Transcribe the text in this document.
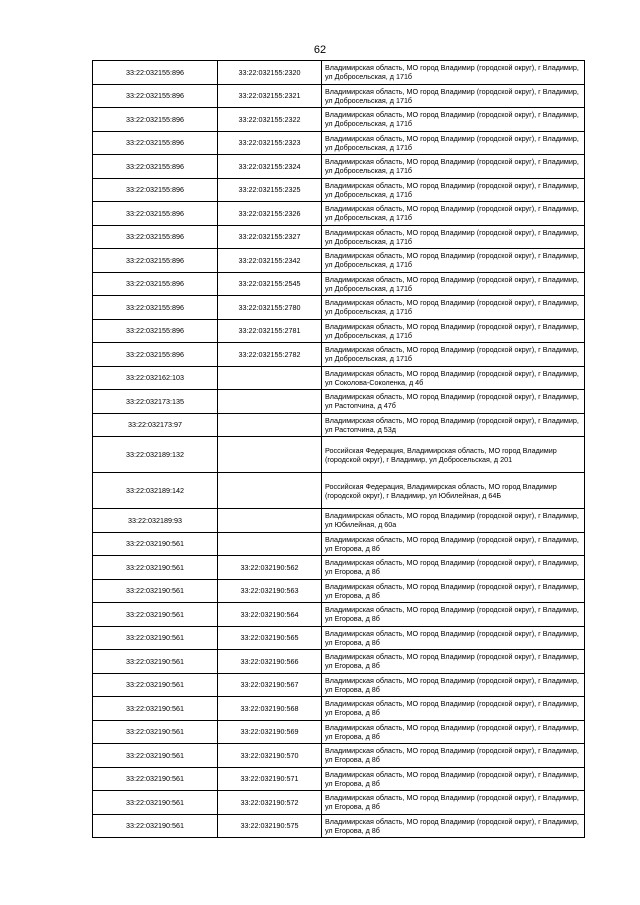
62
33:22:032155:896	33:22:032155:2320	Владимирская область, МО город Владимир (городской округ), г Владимир, ул Добросельская, д 171б
33:22:032155:896	33:22:032155:2321	Владимирская область, МО город Владимир (городской округ), г Владимир, ул Добросельская, д 171б
33:22:032155:896	33:22:032155:2322	Владимирская область, МО город Владимир (городской округ), г Владимир, ул Добросельская, д 171б
33:22:032155:896	33:22:032155:2323	Владимирская область, МО город Владимир (городской округ), г Владимир, ул Добросельская, д 171б
33:22:032155:896	33:22:032155:2324	Владимирская область, МО город Владимир (городской округ), г Владимир, ул Добросельская, д 171б
33:22:032155:896	33:22:032155:2325	Владимирская область, МО город Владимир (городской округ), г Владимир, ул Добросельская, д 171б
33:22:032155:896	33:22:032155:2326	Владимирская область, МО город Владимир (городской округ), г Владимир, ул Добросельская, д 171б
33:22:032155:896	33:22:032155:2327	Владимирская область, МО город Владимир (городской округ), г Владимир, ул Добросельская, д 171б
33:22:032155:896	33:22:032155:2342	Владимирская область, МО город Владимир (городской округ), г Владимир, ул Добросельская, д 171б
33:22:032155:896	33:22:032155:2545	Владимирская область, МО город Владимир (городской округ), г Владимир, ул Добросельская, д 171б
33:22:032155:896	33:22:032155:2780	Владимирская область, МО город Владимир (городской округ), г Владимир, ул Добросельская, д 171б
33:22:032155:896	33:22:032155:2781	Владимирская область, МО город Владимир (городской округ), г Владимир, ул Добросельская, д 171б
33:22:032155:896	33:22:032155:2782	Владимирская область, МО город Владимир (городской округ), г Владимир, ул Добросельская, д 171б
33:22:032162:103		Владимирская область, МО город Владимир (городской округ), г Владимир, ул Соколова-Соколенка, д 4б
33:22:032173:135		Владимирская область, МО город Владимир (городской округ), г Владимир, ул Растопчина, д 47б
33:22:032173:97		Владимирская область, МО город Владимир (городской округ), г Владимир, ул Растопчина, д 53д
33:22:032189:132		Российская Федерация, Владимирская область, МО город Владимир (городской округ), г Владимир, ул Добросельская, д 201
33:22:032189:142		Российская Федерация, Владимирская область, МО город Владимир (городской округ), г Владимир, ул Юбилейная, д 64Б
33:22:032189:93		Владимирская область, МО город Владимир (городской округ), г Владимир, ул Юбилейная, д 60а
33:22:032190:561		Владимирская область, МО город Владимир (городской округ), г Владимир, ул Егорова, д 8б
33:22:032190:561	33:22:032190:562	Владимирская область, МО город Владимир (городской округ), г Владимир, ул Егорова, д 8б
33:22:032190:561	33:22:032190:563	Владимирская область, МО город Владимир (городской округ), г Владимир, ул Егорова, д 8б
33:22:032190:561	33:22:032190:564	Владимирская область, МО город Владимир (городской округ), г Владимир, ул Егорова, д 8б
33:22:032190:561	33:22:032190:565	Владимирская область, МО город Владимир (городской округ), г Владимир, ул Егорова, д 8б
33:22:032190:561	33:22:032190:566	Владимирская область, МО город Владимир (городской округ), г Владимир, ул Егорова, д 8б
33:22:032190:561	33:22:032190:567	Владимирская область, МО город Владимир (городской округ), г Владимир, ул Егорова, д 8б
33:22:032190:561	33:22:032190:568	Владимирская область, МО город Владимир (городской округ), г Владимир, ул Егорова, д 8б
33:22:032190:561	33:22:032190:569	Владимирская область, МО город Владимир (городской округ), г Владимир, ул Егорова, д 8б
33:22:032190:561	33:22:032190:570	Владимирская область, МО город Владимир (городской округ), г Владимир, ул Егорова, д 8б
33:22:032190:561	33:22:032190:571	Владимирская область, МО город Владимир (городской округ), г Владимир, ул Егорова, д 8б
33:22:032190:561	33:22:032190:572	Владимирская область, МО город Владимир (городской округ), г Владимир, ул Егорова, д 8б
33:22:032190:561	33:22:032190:575	Владимирская область, МО город Владимир (городской округ), г Владимир, ул Егорова, д 8б
